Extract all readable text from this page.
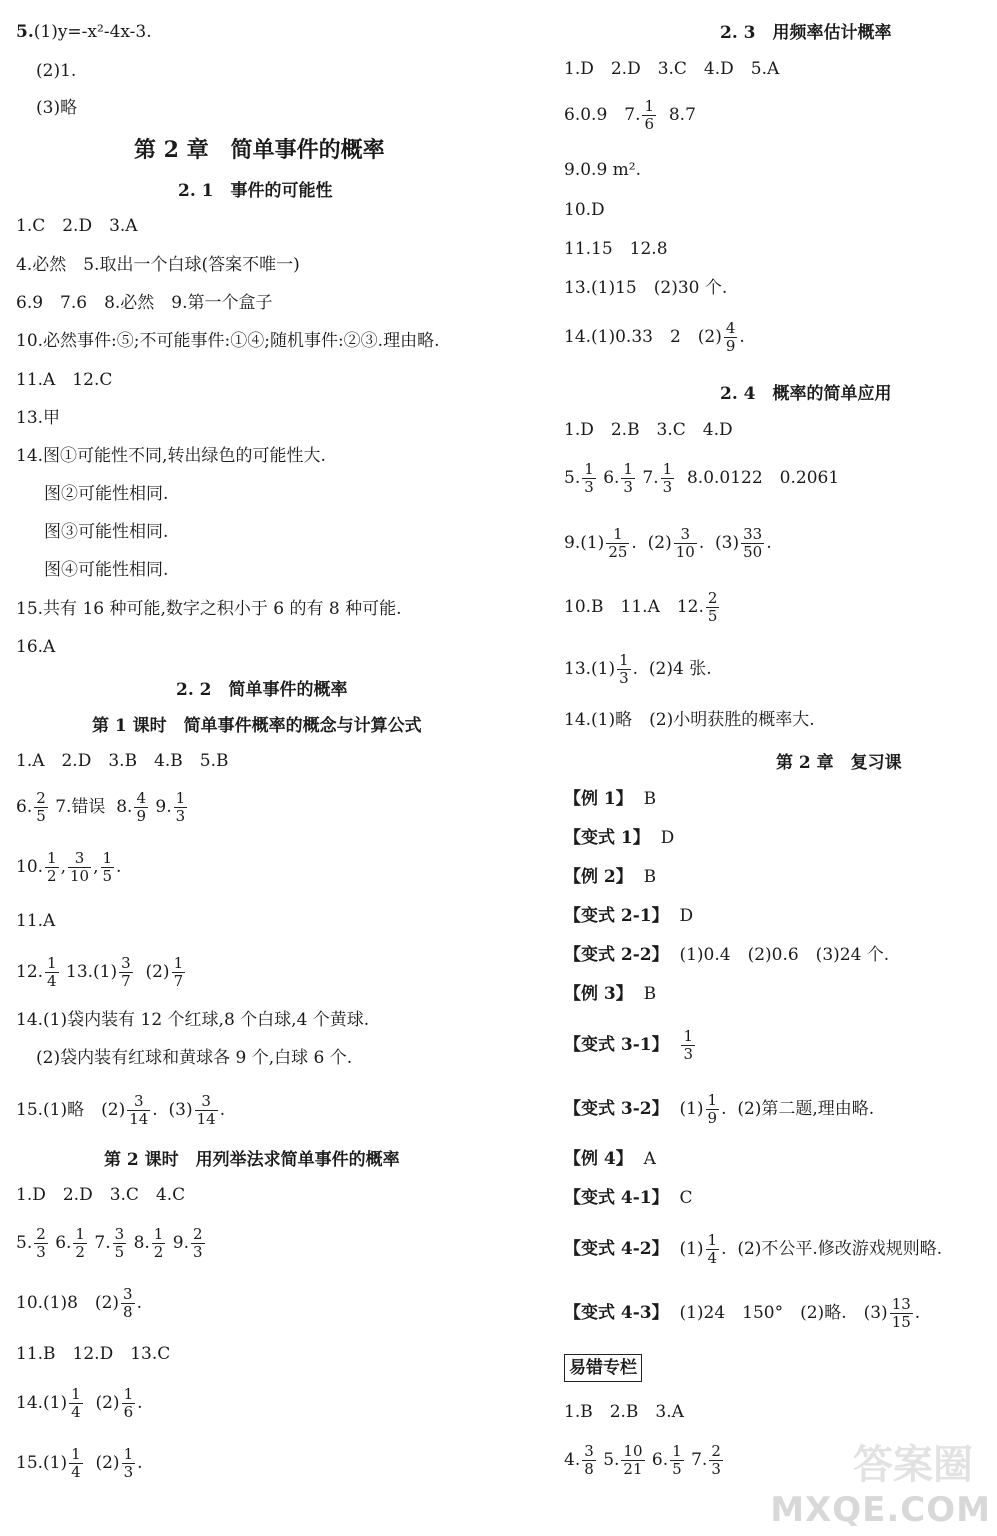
5.(1)y=-x²-4x-3.
(2)1.
(3)略
第 2 章　简单事件的概率
2. 1　事件的可能性
1.C　2.D　3.A
4.必然　5.取出一个白球(答案不唯一)
6.9　7.6　8.必然　9.第一个盒子
10.必然事件:⑤;不可能事件:①④;随机事件:②③.理由略.
11.A　12.C
13.甲
14.图①可能性不同,转出绿色的可能性大.
图②可能性相同.
图③可能性相同.
图④可能性相同.
15.共有 16 种可能,数字之积小于 6 的有 8 种可能.
16.A
2. 2　简单事件的概率
第 1 课时　简单事件概率的概念与计算公式
1.A　2.D　3.B　4.B　5.B
6. $\frac{2}{5} 7$.错误 8. $\frac{4}{9} 9$. $\frac{1}{3}$
10. $\frac{1}{2}$ , $\frac{3}{10}$ , $\frac{1}{5}$ .
11.A
12. $\frac{1}{4} 13.(1) \frac{3}{7} (2) \frac{1}{7}$
14.(1)袋内装有 12 个红球,8 个白球,4 个黄球.
(2)袋内装有红球和黄球各 9 个,白球 6 个.
15.(1)略　$(2) \frac{3}{14}$ .  $(3) \frac{3}{14}$ .
第 2 课时　用列举法求简单事件的概率
1.D　2.D　3.C　4.C
5. $\frac{2}{3} 6$. $\frac{1}{2} 7$. $\frac{3}{5} 8$. $\frac{1}{2} 9$. $\frac{2}{3}$
10.(1)8　$(2) \frac{3}{8}$ .
11.B　12.D　13.C
$14.(1) \frac{1}{4} (2) \frac{1}{6}$ .
$15.(1) \frac{1}{4} (2) \frac{1}{3}$ .
2. 3　用频率估计概率
1.D　2.D　3.C　4.D　5.A
6.0.9　7. $\frac{1}{6} 8.7$
9.0.9 m².
10.D
11.15　12.8
13.(1)15　(2)30 个.
14.(1)0.33　2　$(2) \frac{4}{9}$ .
2. 4　概率的简单应用
1.D　2.B　3.C　4.D
5. $\frac{1}{3} 6$. $\frac{1}{3} 7$. $\frac{1}{3} 8.0.0122$　0.2061
$9.(1) \frac{1}{25}$ .  $(2) \frac{3}{10}$ .  $(3) \frac{33}{50}$ .
10.B　11.A　12. $\frac{2}{5}$
$13.(1) \frac{1}{3}$ .  (2)4 张.
14.(1)略　(2)小明获胜的概率大.
第 2 章　复习课
【例 1】 B
【变式 1】 D
【例 2】 B
【变式 2-1】 D
【变式 2-2】 (1)0.4　(2)0.6　(3)24 个.
【例 3】 B
【变式 3-1】 $\frac{1}{3}$
【变式 3-2】 $(1) \frac{1}{9}$ .  (2)第二题,理由略.
【例 4】 A
【变式 4-1】 C
【变式 4-2】 $(1) \frac{1}{4}$ .  (2)不公平.修改游戏规则略.
【变式 4-3】 (1)24　150°　(2)略.　$(3) \frac{13}{15}$ .
易错专栏
1.B　2.B　3.A
4. $\frac{3}{8} 5$. $\frac{10}{21} 6$. $\frac{1}{5} 7$. $\frac{2}{3}$	答案圈
MXQE.COM
